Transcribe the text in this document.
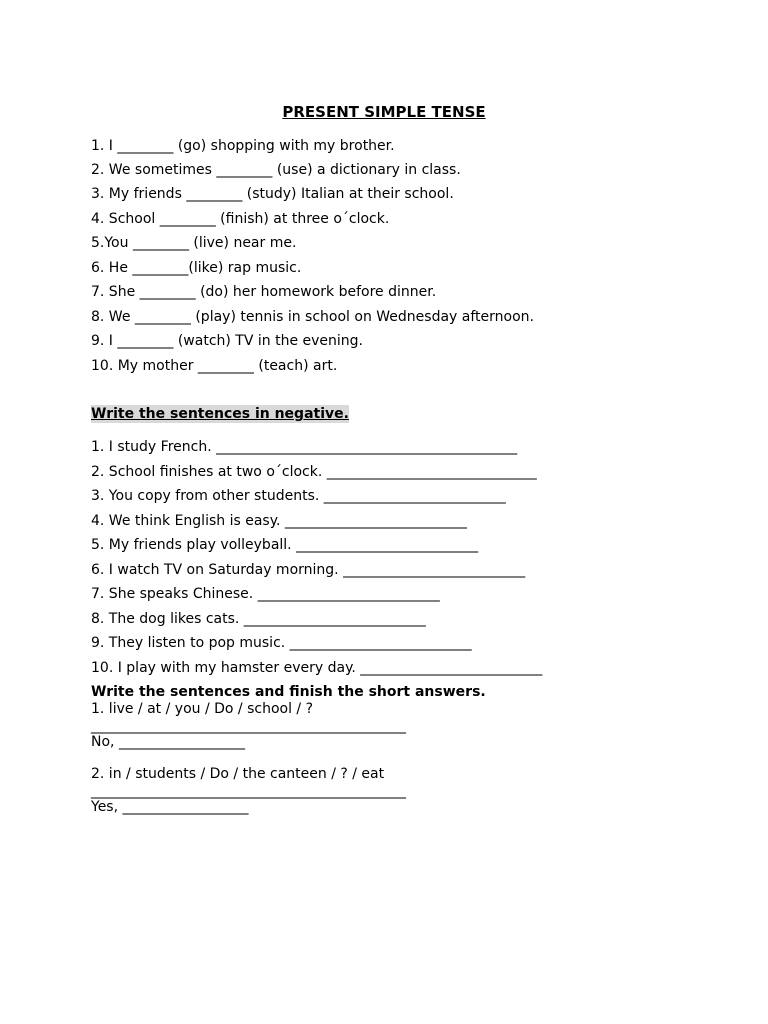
PRESENT SIMPLE TENSE
1. I ________ (go) shopping with my brother.
2. We sometimes ________ (use) a dictionary in class.
3. My friends ________ (study) Italian at their school.
4. School ________ (finish) at three o´clock.
5.You ________ (live) near me.
6. He ________(like) rap music.
7. She ________ (do) her homework before dinner.
8. We ________ (play) tennis in school on Wednesday afternoon.
9. I ________ (watch) TV in the evening.
10. My mother ________ (teach) art.
Write the sentences in negative.
1. I study French. ___________________________________________
2. School finishes at two o´clock. ______________________________
3. You copy from other students. __________________________
4. We think English is easy. __________________________
5. My friends play volleyball. __________________________
6. I watch TV on Saturday morning. __________________________
7. She speaks Chinese. __________________________
8. The dog likes cats. __________________________
9. They listen to pop music. __________________________
10. I play with my hamster every day. __________________________
Write the sentences and finish the short answers.
1. live / at / you / Do / school / ?
_____________________________________________
No, __________________
2. in / students / Do / the canteen / ? / eat
_____________________________________________
Yes, __________________
